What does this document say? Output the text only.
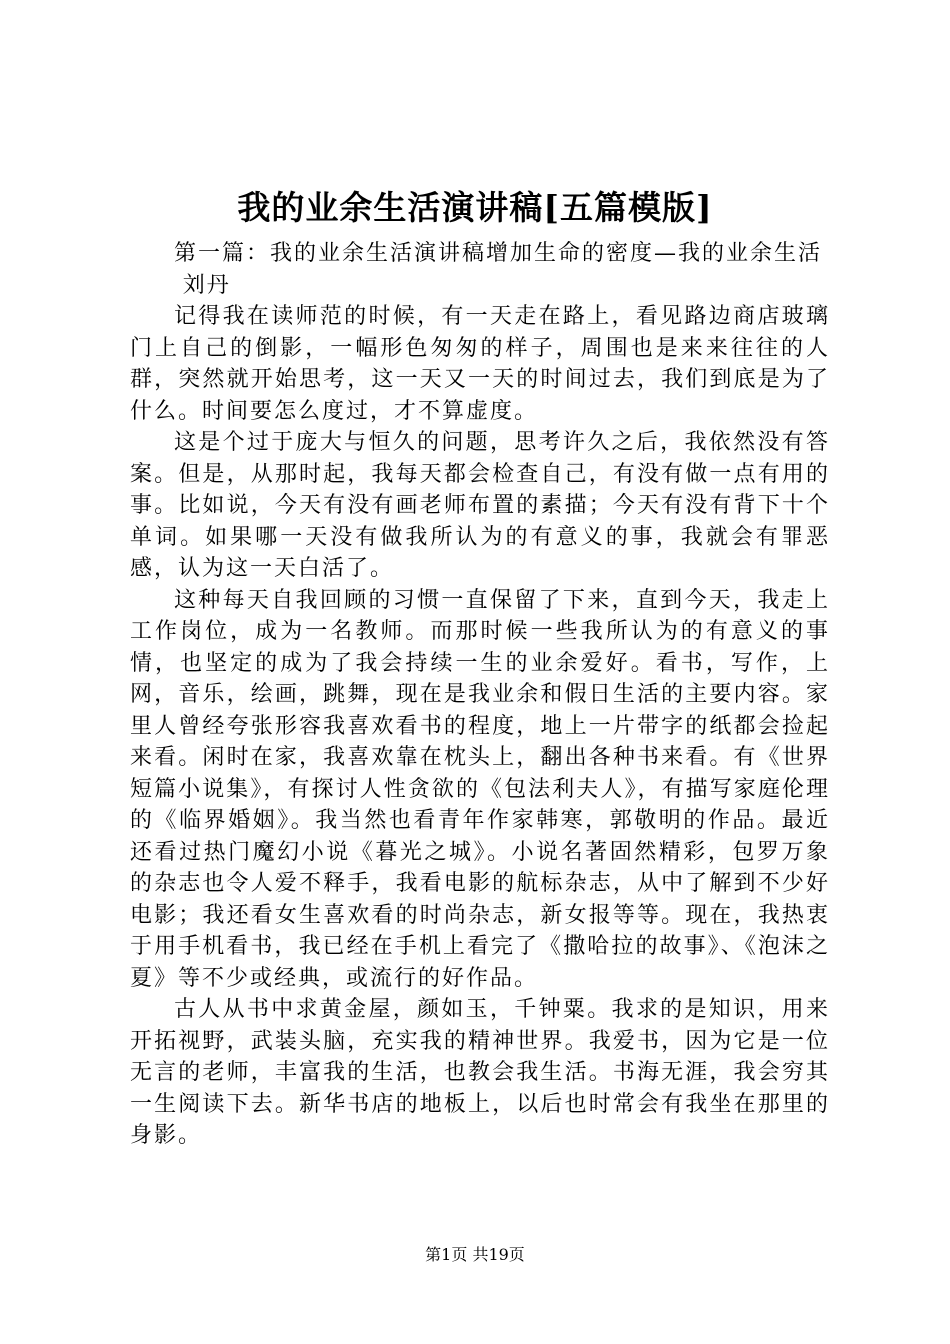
我的业余生活演讲稿[五篇模版]

第一篇：我的业余生活演讲稿增加生命的密度—我的业余生活

刘丹

记得我在读师范的时候，有一天走在路上，看见路边商店玻璃门上自己的倒影，一幅形色匆匆的样子，周围也是来来往往的人群，突然就开始思考，这一天又一天的时间过去，我们到底是为了什么。时间要怎么度过，才不算虚度。

这是个过于庞大与恒久的问题，思考许久之后，我依然没有答案。但是，从那时起，我每天都会检查自己，有没有做一点有用的事。比如说，今天有没有画老师布置的素描；今天有没有背下十个单词。如果哪一天没有做我所认为的有意义的事，我就会有罪恶感，认为这一天白活了。

这种每天自我回顾的习惯一直保留了下来，直到今天，我走上工作岗位，成为一名教师。而那时候一些我所认为的有意义的事情，也坚定的成为了我会持续一生的业余爱好。看书，写作，上网，音乐，绘画，跳舞，现在是我业余和假日生活的主要内容。家里人曾经夸张形容我喜欢看书的程度，地上一片带字的纸都会捡起来看。闲时在家，我喜欢靠在枕头上，翻出各种书来看。有《世界短篇小说集》，有探讨人性贪欲的《包法利夫人》，有描写家庭伦理的《临界婚姻》。我当然也看青年作家韩寒，郭敬明的作品。最近还看过热门魔幻小说《暮光之城》。小说名著固然精彩，包罗万象的杂志也令人爱不释手，我看电影的航标杂志，从中了解到不少好电影；我还看女生喜欢看的时尚杂志，新女报等等。现在，我热衷于用手机看书，我已经在手机上看完了《撒哈拉的故事》、《泡沫之夏》等不少或经典，或流行的好作品。

古人从书中求黄金屋，颜如玉，千钟粟。我求的是知识，用来开拓视野，武装头脑，充实我的精神世界。我爱书，因为它是一位无言的老师，丰富我的生活，也教会我生活。书海无涯，我会穷其一生阅读下去。新华书店的地板上，以后也时常会有我坐在那里的身影。

第1页 共19页
